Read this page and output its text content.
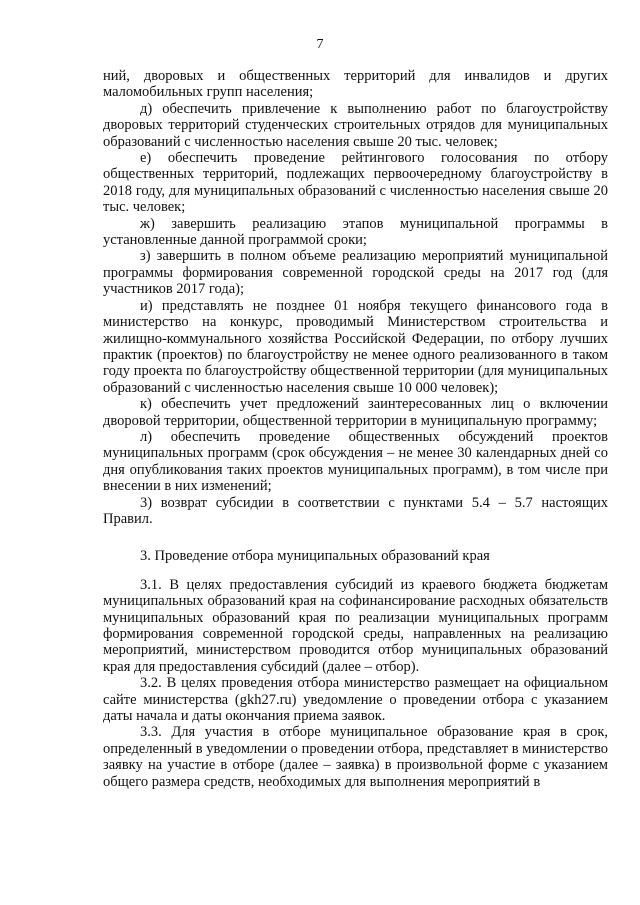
7

ний, дворовых и общественных территорий для инвалидов и других маломобильных групп населения;

д) обеспечить привлечение к выполнению работ по благоустройству дворовых территорий студенческих строительных отрядов для муниципальных образований с численностью населения свыше 20 тыс. человек;

е) обеспечить проведение рейтингового голосования по отбору общественных территорий, подлежащих первоочередному благоустройству в 2018 году, для муниципальных образований с численностью населения свыше 20 тыс. человек;

ж) завершить реализацию этапов муниципальной программы в установленные данной программой сроки;

з) завершить в полном объеме реализацию мероприятий муниципальной программы формирования современной городской среды на 2017 год (для участников 2017 года);

и) представлять не позднее 01 ноября текущего финансового года в министерство на конкурс, проводимый Министерством строительства и жилищно-коммунального хозяйства Российской Федерации, по отбору лучших практик (проектов) по благоустройству не менее одного реализованного в таком году проекта по благоустройству общественной территории (для муниципальных образований с численностью населения свыше 10 000 человек);

к) обеспечить учет предложений заинтересованных лиц о включении дворовой территории, общественной территории в муниципальную программу;

л) обеспечить проведение общественных обсуждений проектов муниципальных программ (срок обсуждения – не менее 30 календарных дней со дня опубликования таких проектов муниципальных программ), в том числе при внесении в них изменений;

3) возврат субсидии в соответствии с пунктами 5.4 – 5.7 настоящих Правил.

3. Проведение отбора муниципальных образований края

3.1. В целях предоставления субсидий из краевого бюджета бюджетам муниципальных образований края на софинансирование расходных обязательств муниципальных образований края по реализации муниципальных программ формирования современной городской среды, направленных на реализацию мероприятий, министерством проводится отбор муниципальных образований края для предоставления субсидий (далее – отбор).

3.2. В целях проведения отбора министерство размещает на официальном сайте министерства (gkh27.ru) уведомление о проведении отбора с указанием даты начала и даты окончания приема заявок.

3.3. Для участия в отборе муниципальное образование края в срок, определенный в уведомлении о проведении отбора, представляет в министерство заявку на участие в отборе (далее – заявка) в произвольной форме с указанием общего размера средств, необходимых для выполнения мероприятий в
